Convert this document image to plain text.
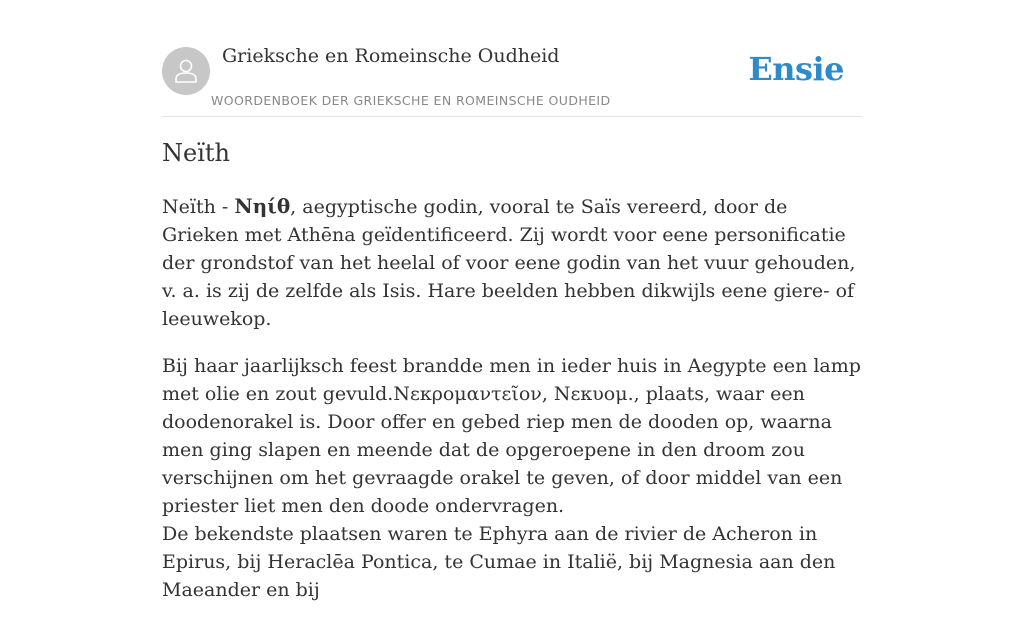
Grieksche en Romeinsche Oudheid
WOORDENBOEK DER GRIEKSCHE EN ROMEINSCHE OUDHEID
Ensie
Neïth

Neïth - Νηίθ, aegyptische godin, vooral te Saïs vereerd, door de Grieken met Athēna geïdentificeerd. Zij wordt voor eene personificatie der grondstof van het heelal of voor eene godin van het vuur gehouden, v. a. is zij de zelfde als Isis. Hare beelden hebben dikwijls eene giere- of leeuwekop.

Bij haar jaarlijksch feest brandde men in ieder huis in Aegypte een lamp met olie en zout gevuld.Νεκρομαντεῖον, Νεκυομ., plaats, waar een doodenorakel is. Door offer en gebed riep men de dooden op, waarna men ging slapen en meende dat de opgeroepene in den droom zou verschijnen om het gevraagde orakel te geven, of door middel van een priester liet men den doode ondervragen.

De bekendste plaatsen waren te Ephyra aan de rivier de Acheron in Epirus, bij Heraclēa Pontica, te Cumae in Italië, bij Magnesia aan den Maeander en bij
